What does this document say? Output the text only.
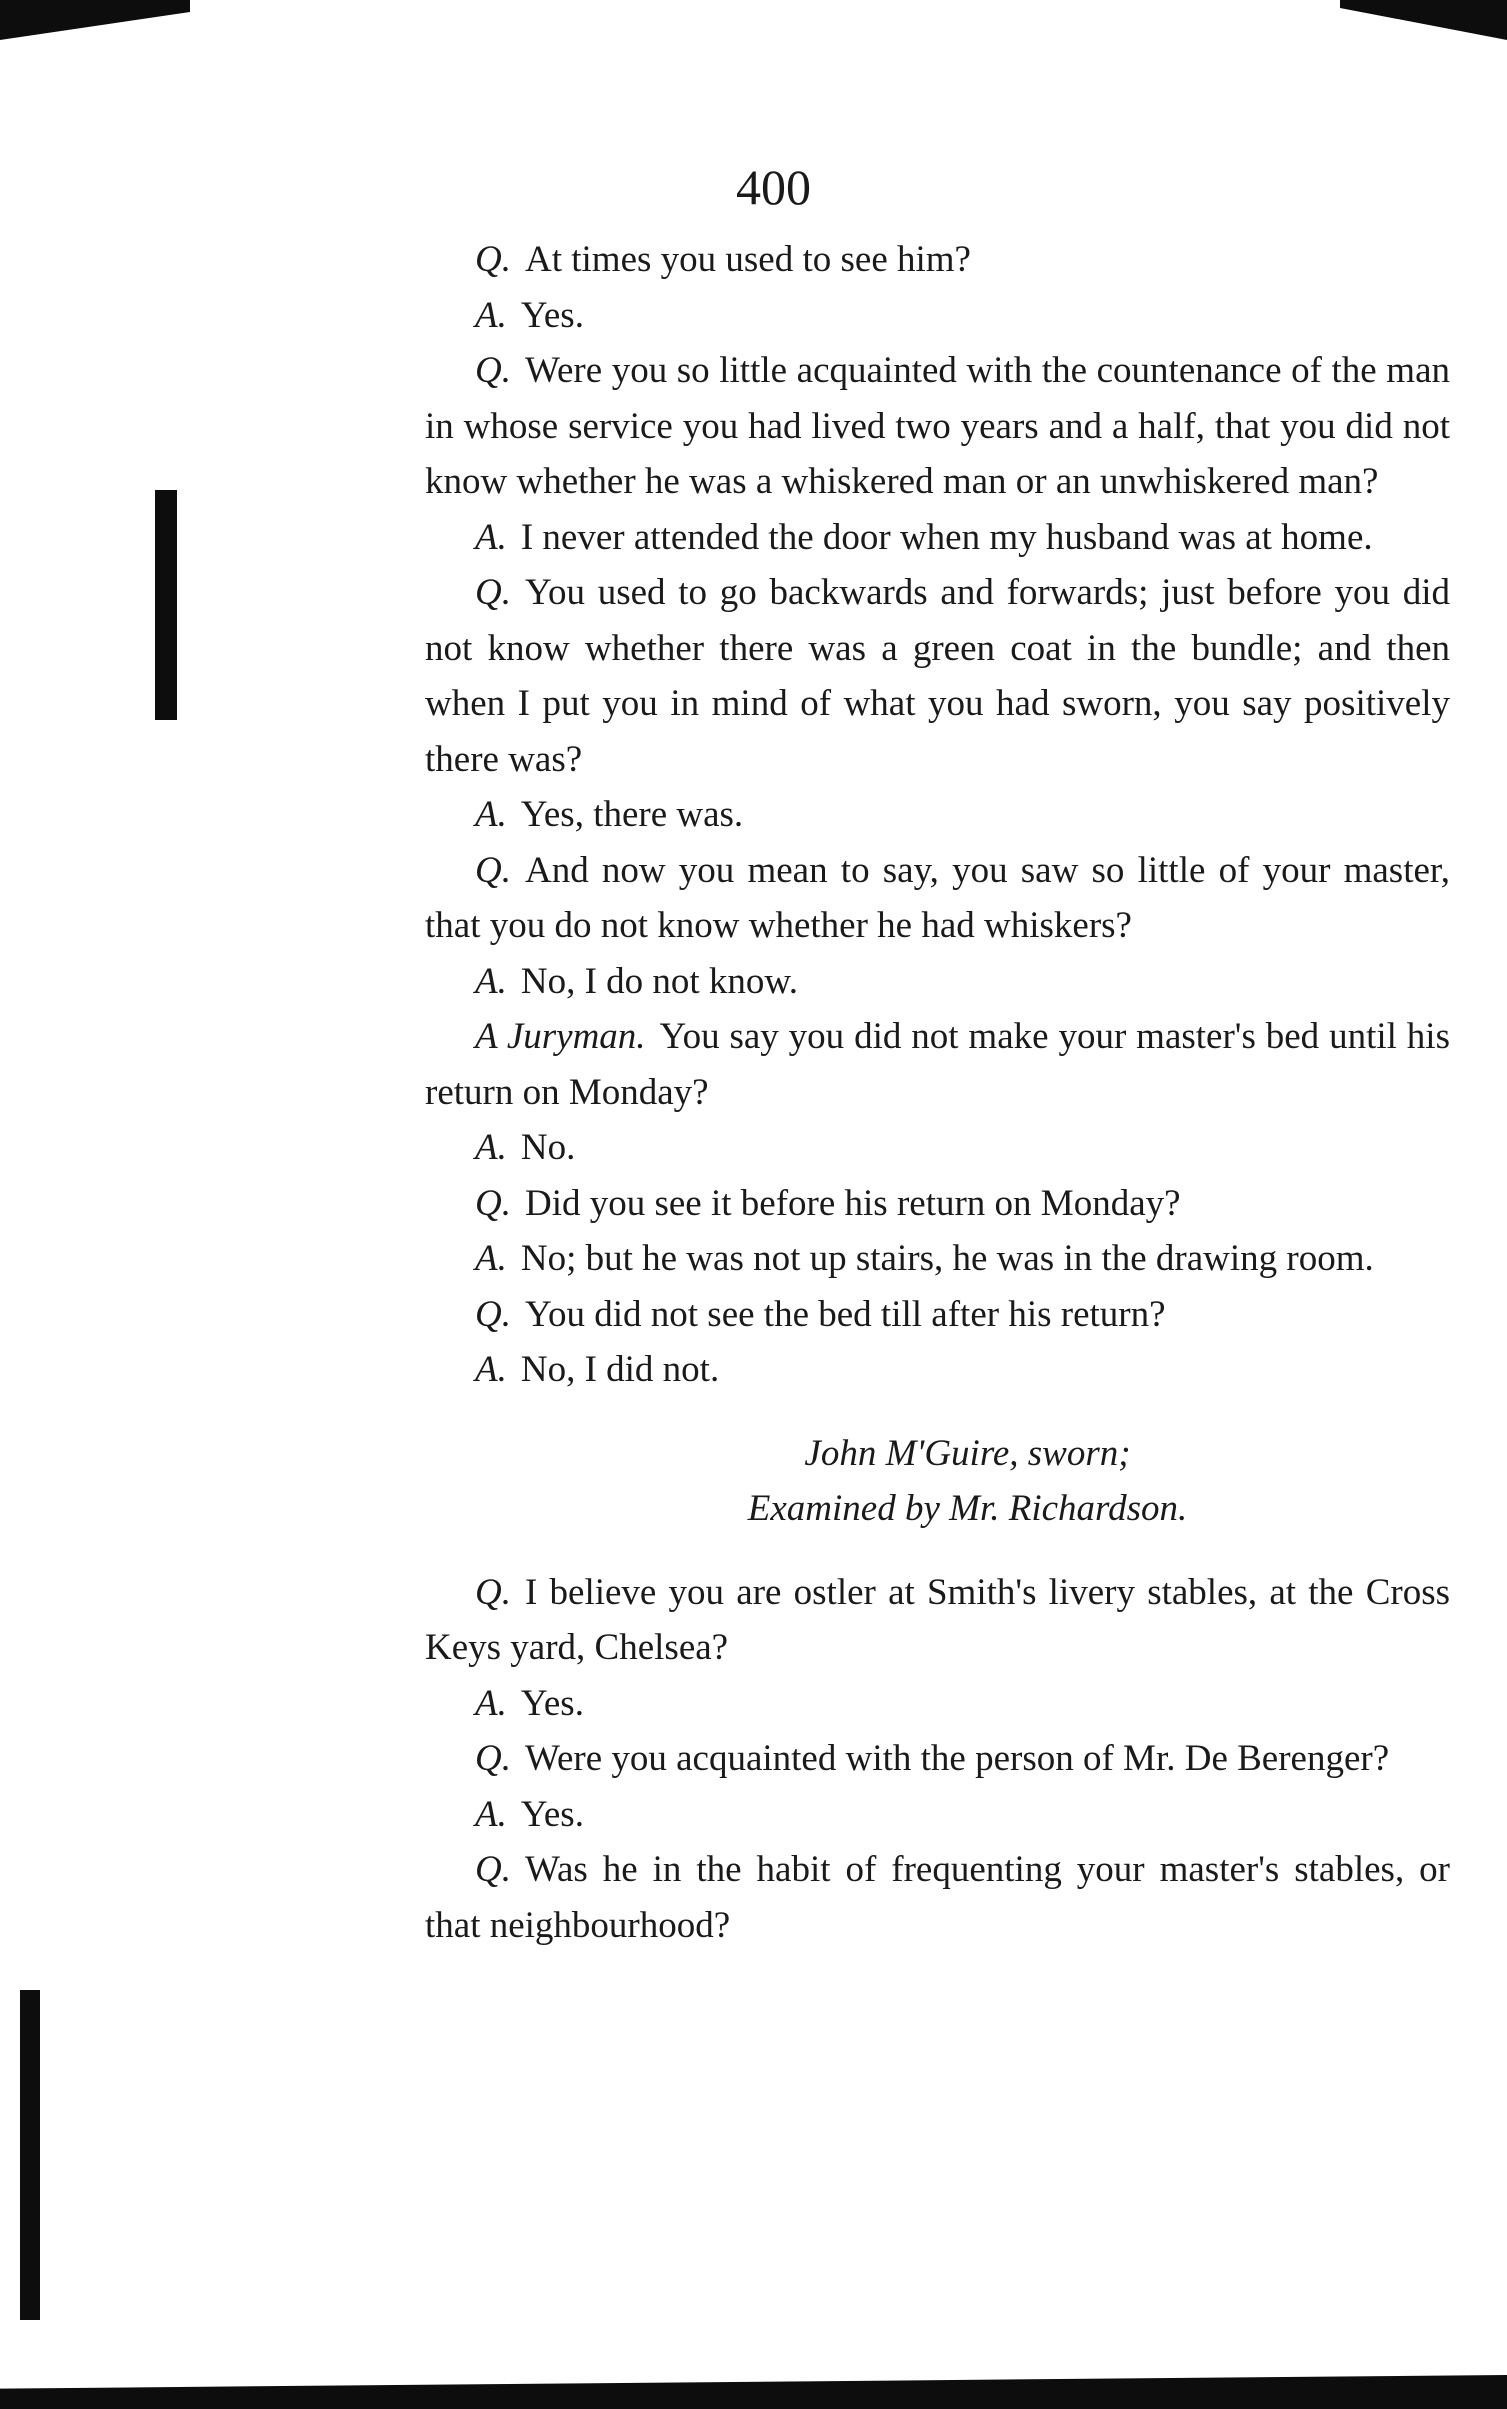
400

Q. At times you used to see him?

A. Yes.

Q. Were you so little acquainted with the countenance of the man in whose service you had lived two years and a half, that you did not know whether he was a whiskered man or an unwhiskered man?

A. I never attended the door when my husband was at home.

Q. You used to go backwards and forwards; just before you did not know whether there was a green coat in the bundle; and then when I put you in mind of what you had sworn, you say positively there was?

A. Yes, there was.

Q. And now you mean to say, you saw so little of your master, that you do not know whether he had whiskers?

A. No, I do not know.

A Juryman. You say you did not make your master's bed until his return on Monday?

A. No.

Q. Did you see it before his return on Monday?

A. No; but he was not up stairs, he was in the drawing room.

Q. You did not see the bed till after his return?

A. No, I did not.

John M'Guire, sworn;

Examined by Mr. Richardson.

Q. I believe you are ostler at Smith's livery stables, at the Cross Keys yard, Chelsea?

A. Yes.

Q. Were you acquainted with the person of Mr. De Berenger?

A. Yes.

Q. Was he in the habit of frequenting your master's stables, or that neighbourhood?
